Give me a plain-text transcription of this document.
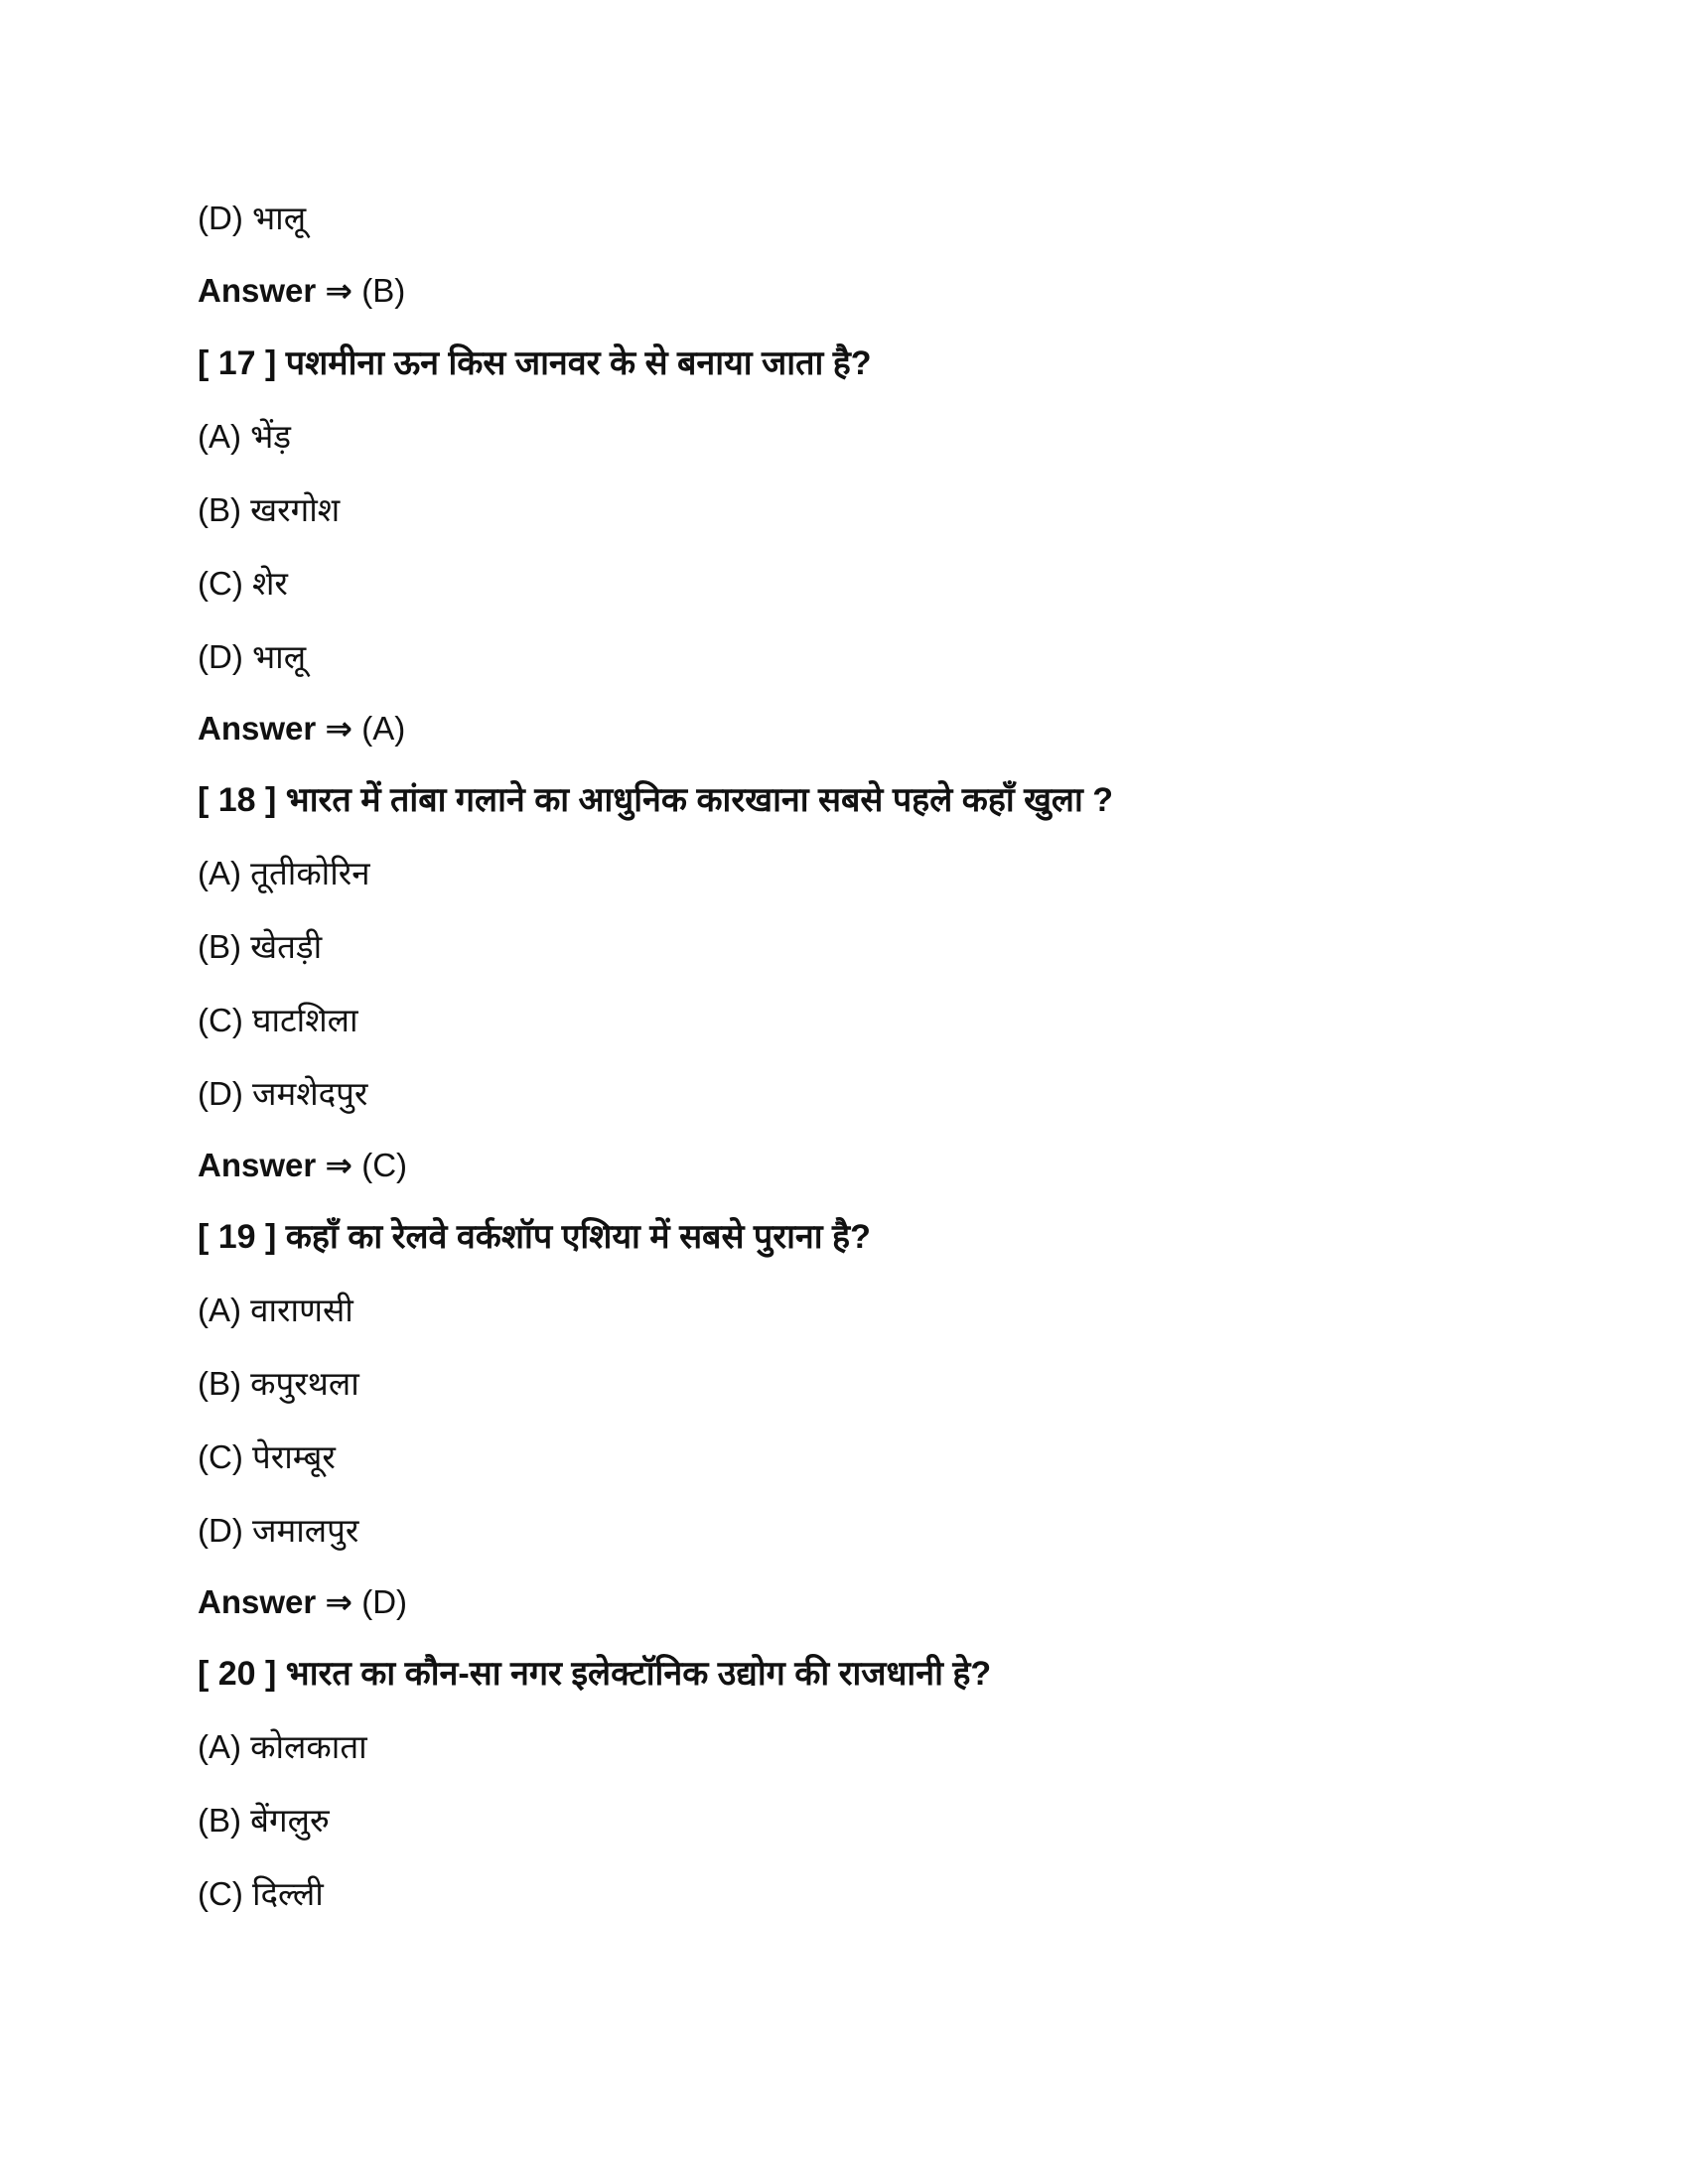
(D) भालू
Answer ⇒ (B)
[ 17 ] पशमीना ऊन किस जानवर के से बनाया जाता है?
(A) भेंड़
(B) खरगोश
(C) शेर
(D) भालू
Answer ⇒ (A)
[ 18 ] भारत में तांबा गलाने का आधुनिक कारखाना सबसे पहले कहाँ खुला ?
(A) तूतीकोरिन
(B) खेतड़ी
(C) घाटशिला
(D) जमशेदपुर
Answer ⇒ (C)
[ 19 ] कहाँ का रेलवे वर्कशॉप एशिया में सबसे पुराना है?
(A) वाराणसी
(B) कपुरथला
(C) पेराम्बूर
(D) जमालपुर
Answer ⇒ (D)
[ 20 ] भारत का कौन-सा नगर इलेक्टॉनिक उद्योग की राजधानी हे?
(A) कोलकाता
(B) बेंगलुरु
(C) दिल्ली
